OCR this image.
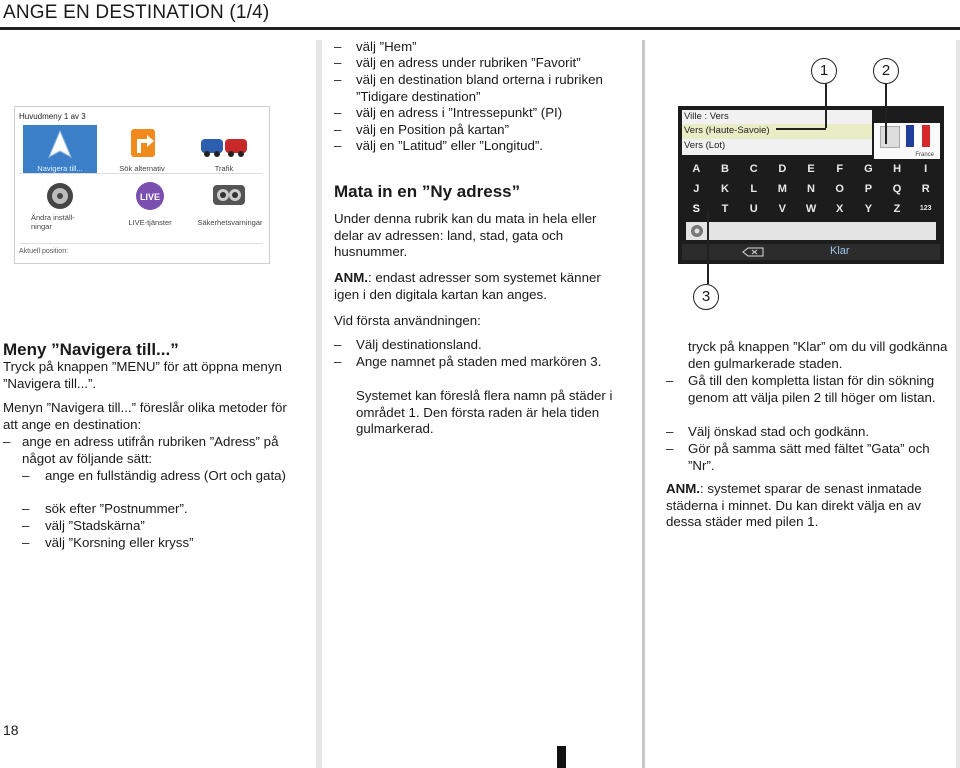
ANGE EN DESTINATION (1/4)
Huvudmeny 1 av 3
Navigera till...	Sök alternativ	Trafik
Ändra inställ-
ningar
LIVE
LIVE-tjänster	Säkerhetsvarningar
Aktuell position:
Ville : Vers
Vers (Haute-Savoie)
Vers (Lot)
France
A	B	C	D	E	F	G	H	I
J	K	L	M	N	O	P	Q	R
S	T	U	V	W	X	Y	Z	123
Klar
1	2
3
Meny ”Navigera till...”
Tryck på knappen ”MENU” för att öppna menyn ”Navigera till...”.
Menyn ”Navigera till...” föreslår olika metoder för att ange en destination:
– ange en adress utifrån rubriken ”Adress” på något av följande sätt:
– ange en fullständig adress (Ort och gata)
– sök efter ”Postnummer”.
– välj ”Stadskärna”
– välj ”Korsning eller kryss”
– välj ”Hem”
– välj en adress under rubriken ”Favorit”
– välj en destination bland orterna i rubriken ”Tidigare destination”
– välj en adress i ”Intressepunkt” (PI)
– välj en Position på kartan”
– välj en ”Latitud” eller ”Longitud”.
Mata in en ”Ny adress”
Under denna rubrik kan du mata in hela eller delar av adressen: land, stad, gata och husnummer.
ANM.: endast adresser som systemet känner igen i den digitala kartan kan anges.
Vid första användningen:
– Välj destinationsland.
– Ange namnet på staden med markören 3.
Systemet kan föreslå flera namn på städer i området 1. Den första raden är hela tiden gulmarkerad.
tryck på knappen ”Klar” om du vill godkänna den gulmarkerade staden.
– Gå till den kompletta listan för din sökning genom att välja pilen 2 till höger om listan.
– Välj önskad stad och godkänn.
– Gör på samma sätt med fältet ”Gata” och ”Nr”.
ANM.: systemet sparar de senast inmatade städerna i minnet. Du kan direkt välja en av dessa städer med pilen 1.
18
